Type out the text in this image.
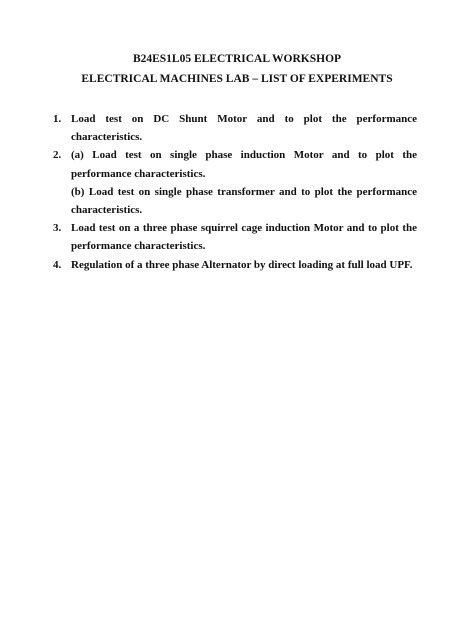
B24ES1L05 ELECTRICAL WORKSHOP
ELECTRICAL MACHINES LAB – LIST OF EXPERIMENTS
1. Load test on DC Shunt Motor and to plot the performance characteristics.
2. (a) Load test on single phase induction Motor and to plot the performance characteristics.
(b) Load test on single phase transformer and to plot the performance characteristics.
3. Load test on a three phase squirrel cage induction Motor and to plot the performance characteristics.
4. Regulation of a three phase Alternator by direct loading at full load UPF.
